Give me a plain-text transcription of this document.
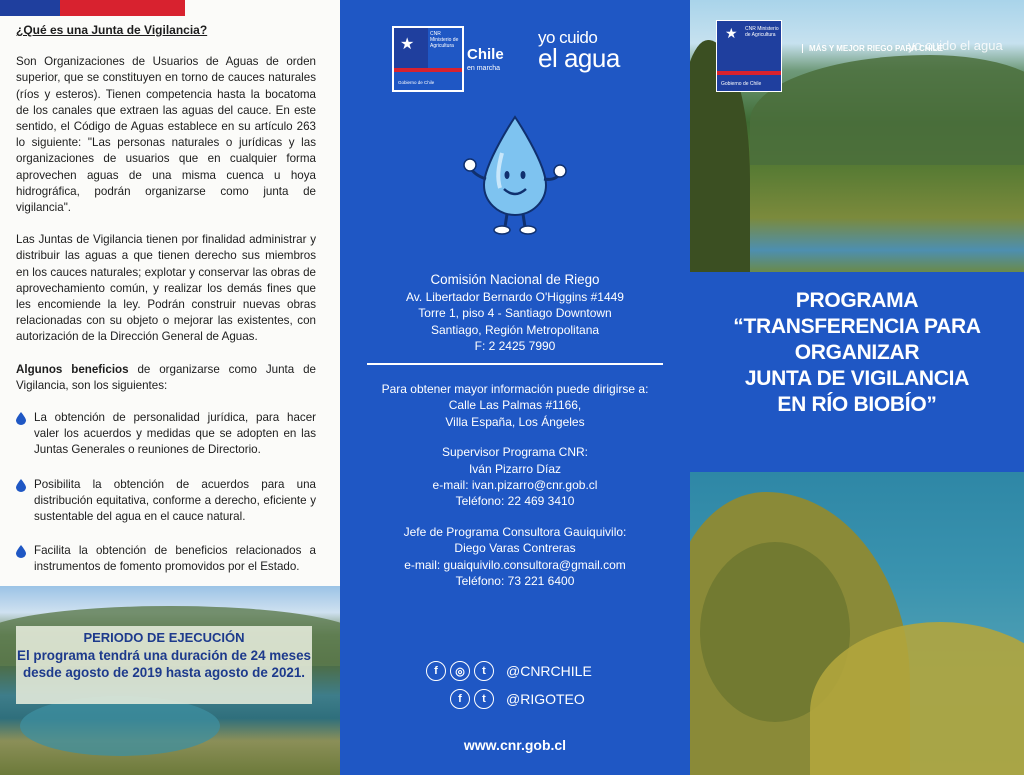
¿Qué es una Junta de Vigilancia?

Son Organizaciones de Usuarios de Aguas de orden superior, que se constituyen en torno de cauces naturales (ríos y esteros). Tienen competencia hasta la bocatoma de los canales que extraen las aguas del cauce. En este sentido, el Código de Aguas establece en su artículo 263 lo siguiente: "Las personas naturales o jurídicas y las organizaciones de usuarios que en cualquier forma aprovechen aguas de una misma cuenca u hoya hidrográfica, podrán organizarse como junta de vigilancia".

Las Juntas de Vigilancia tienen por finalidad administrar y distribuir las aguas a que tienen derecho sus miembros en los cauces naturales; explotar y conservar las obras de aprovechamiento común, y realizar los demás fines que les encomiende la ley. Podrán construir nuevas obras relacionadas con su objeto o mejorar las existentes, con autorización de la Dirección General de Aguas.

Algunos beneficios de organizarse como Junta de Vigilancia, son los siguientes:

La obtención de personalidad jurídica, para hacer valer los acuerdos y medidas que se adopten en las Juntas Generales o reuniones de Directorio.
Posibilita la obtención de acuerdos para una distribución equitativa, conforme a derecho, eficiente y sustentable del agua en el cauce natural.
Facilita la obtención de beneficios relacionados a instrumentos de fomento promovidos por el Estado.
PERIODO DE EJECUCIÓN
El programa tendrá una duración de 24 meses desde agosto de 2019 hasta agosto de 2021.
★
CNR Ministerio de Agricultura
Gobierno de Chile
Chile
en marcha
yo cuido
el agua
Comisión Nacional de Riego
Av. Libertador Bernardo O'Higgins #1449
Torre 1, piso 4 - Santiago Downtown
Santiago, Región Metropolitana
F: 2 2425 7990
Para obtener mayor información puede dirigirse a:
Calle Las Palmas #1166,
Villa España, Los Ángeles
Supervisor Programa CNR:
Iván Pizarro Díaz
e-mail: ivan.pizarro@cnr.gob.cl
Teléfono: 22 469 3410
Jefe de Programa Consultora Gauiquivilo:
Diego Varas Contreras
e-mail: guaiquivilo.consultora@gmail.com
Teléfono: 73 221 6400
f	◎	t	@CNRCHILE
f	t	@RIGOTEO
www.cnr.gob.cl
★ CNR Ministerio de Agricultura
Gobierno de Chile
MÁS Y MEJOR RIEGO PARA CHILE
yo cuido el agua
PROGRAMA
“TRANSFERENCIA PARA
ORGANIZAR
JUNTA DE VIGILANCIA
EN RÍO BIOBÍO”
